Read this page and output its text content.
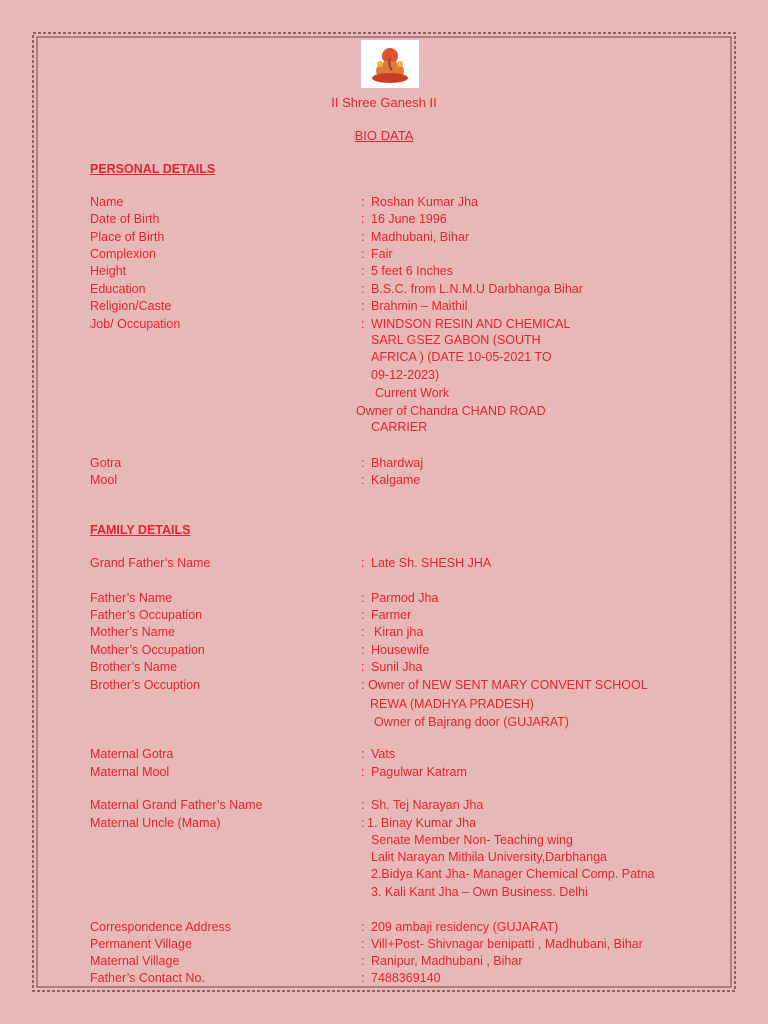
II Shree Ganesh II
BIO DATA
PERSONAL DETAILS
Name	: Roshan Kumar Jha
Date of Birth	: 16 June 1996
Place of Birth	: Madhubani, Bihar
Complexion	: Fair
Height	: 5 feet 6 Inches
Education	: B.S.C. from L.N.M.U Darbhanga Bihar
Religion/Caste	: Brahmin – Maithil
Job/ Occupation	: WINDSON RESIN AND CHEMICAL
SARL GSEZ GABON (SOUTH
AFRICA ) (DATE 10-05-2021 TO
09-12-2023)
Current Work
Owner of Chandra CHAND ROAD
CARRIER
Gotra	: Bhardwaj
Mool	: Kalgame
FAMILY DETAILS
Grand Father’s Name	: Late Sh. SHESH JHA
Father’s Name	: Parmod Jha
Father’s Occupation	: Farmer
Mother’s Name	: Kiran jha
Mother’s Occupation	: Housewife
Brother’s Name	: Sunil Jha
Brother’s Occuption	: Owner of NEW SENT MARY CONVENT SCHOOL
REWA (MADHYA PRADESH)
Owner of Bajrang door (GUJARAT)
Maternal Gotra	: Vats
Maternal Mool	: Pagulwar Katram
Maternal Grand Father’s Name	: Sh. Tej Narayan Jha
Maternal Uncle (Mama)	: 1. Binay Kumar Jha
Senate Member Non- Teaching wing
Lalit Narayan Mithila University,Darbhanga
2.Bidya Kant Jha- Manager Chemical Comp. Patna
3. Kali Kant Jha – Own Business. Delhi
Correspondence Address	: 209 ambaji residency (GUJARAT)
Permanent Village	: Vill+Post- Shivnagar benipatti , Madhubani, Bihar
Maternal Village	: Ranipur, Madhubani , Bihar
Father’s Contact No.	: 7488369140
